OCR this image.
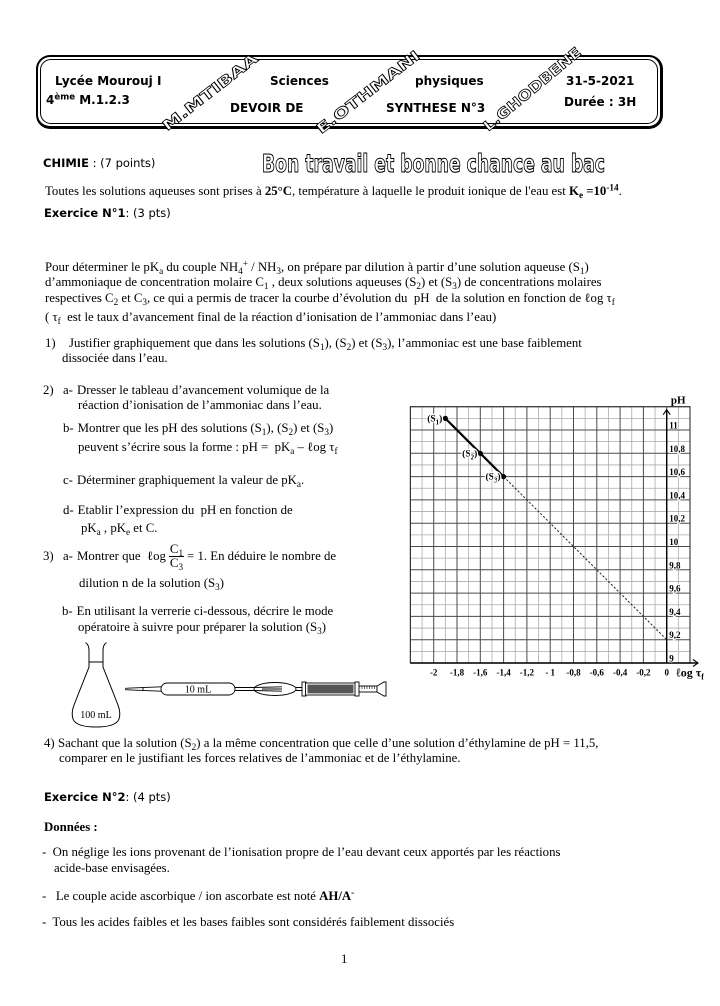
Lycée Mourouj I
4ème M.1.2.3
Sciences
DEVOIR DE
physiques
SYNTHESE N°3
31-5-2021
Durée : 3H
M.MTIBAA	E.OTHMANI	L.GHODBENE
Bon travail et bonne chance au bac
CHIMIE : (7 points)
Toutes les solutions aqueuses sont prises à 25°C, température à laquelle le produit ionique de l'eau est $K_e =10^{-14}$.
Exercice N°1: (3 pts)
Pour déterminer le $pK_a$ du couple $NH_4^+ / NH_3$, on prépare par dilution à partir d’une solution aqueuse $(S_1)$
d’ammoniaque de concentration molaire $C_1$ , deux solutions aqueuses $(S_2)$ et $(S_3)$ de concentrations molaires
respectives $C_2$ et $C_3$, ce qui a permis de tracer la courbe d’évolution du  pH  de la solution en fonction de ℓog $\tau_f$
( $\tau_f$  est le taux d’avancement final de la réaction d’ionisation de l’ammoniac dans l’eau)
1) Justifier graphiquement que dans les solutions $(S_1)$, $(S_2)$ et $(S_3)$, l’ammoniac est une base faiblement
dissociée dans l’eau.
2) a- Dresser le tableau d’avancement volumique de la
réaction d’ionisation de l’ammoniac dans l’eau.
b- Montrer que les pH des solutions $(S_1)$, $(S_2)$ et $(S_3)$
peuvent s’écrire sous la forme : pH =  $pK_a$ – ℓog $\tau_f$
c- Déterminer graphiquement la valeur de $pK_a$.
d- Etablir l’expression du  pH en fonction de
$pK_a$ , $pK_e$ et C.
3) a- Montrer que  ℓog $\frac{C_1}{C_3} = 1$. En déduire le nombre de
dilution n de la solution $(S_3)$
b- En utilisant la verrerie ci-dessous, décrire le mode
opératoire à suivre pour préparer la solution $(S_3)$
100 mL
10 mL
-2 -1,8 -1,6 -1,4 -1,2 - 1 -0,8 -0,6 -0,4 -0,2 0
9
9,2
9,4
9,6
9,8
10
10,2
10,4
10,6
10,8
11
pH
ℓog τf
(S1)
(S2)
(S3)
4) Sachant que la solution $(S_2)$ a la même concentration que celle d’une solution d’éthylamine de pH = 11,5,
comparer en le justifiant les forces relatives de l’ammoniac et de l’éthylamine.
Exercice N°2: (4 pts)
Données :
-  On néglige les ions provenant de l’ionisation propre de l’eau devant ceux apportés par les réactions
acide-base envisagées.
-   Le couple acide ascorbique / ion ascorbate est noté AH/A-
-  Tous les acides faibles et les bases faibles sont considérés faiblement dissociés
1
